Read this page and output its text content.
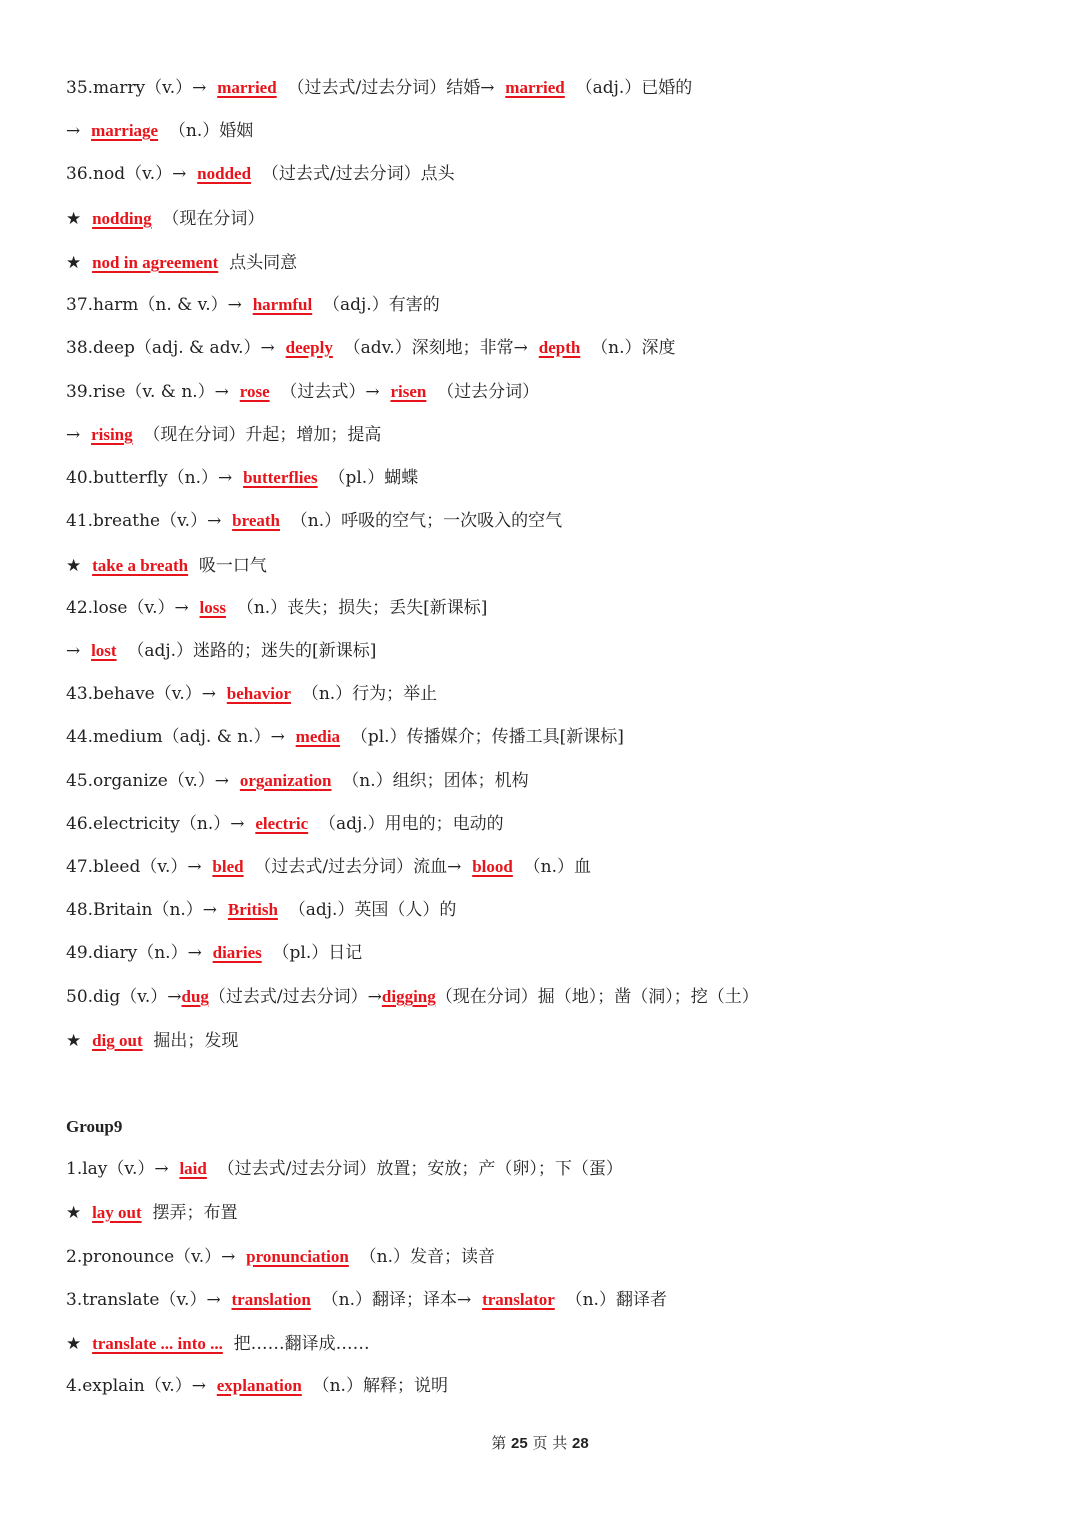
35.marry（v.）→  married  （过去式/过去分词）结婚→  married  （adj.）已婚的
→  marriage  （n.）婚姻
36.nod（v.）→  nodded  （过去式/过去分词）点头
★  nodding  （现在分词）
★  nod in agreement  点头同意
37.harm（n. & v.）→  harmful  （adj.）有害的
38.deep（adj. & adv.）→  deeply  （adv.）深刻地；非常→  depth  （n.）深度
39.rise（v. & n.）→  rose  （过去式）→  risen  （过去分词）
→  rising  （现在分词）升起；增加；提高
40.butterfly（n.）→  butterflies  （pl.）蝴蝶
41.breathe（v.）→  breath  （n.）呼吸的空气；一次吸入的空气
★  take a breath  吸一口气
42.lose（v.）→  loss  （n.）丧失；损失；丢失[新课标]
→  lost  （adj.）迷路的；迷失的[新课标]
43.behave（v.）→  behavior  （n.）行为；举止
44.medium（adj. & n.）→  media  （pl.）传播媒介；传播工具[新课标]
45.organize（v.）→  organization  （n.）组织；团体；机构
46.electricity（n.）→  electric  （adj.）用电的；电动的
47.bleed（v.）→  bled  （过去式/过去分词）流血→  blood  （n.）血
48.Britain（n.）→  British  （adj.）英国（人）的
49.diary（n.）→  diaries  （pl.）日记
50.dig（v.）→dug（过去式/过去分词）→digging（现在分词）掘（地）；凿（洞）；挖（土）
★  dig out  掘出；发现
Group9
1.lay（v.）→  laid  （过去式/过去分词）放置；安放；产（卵）；下（蛋）
★  lay out  摆弄；布置
2.pronounce（v.）→  pronunciation  （n.）发音；读音
3.translate（v.）→  translation  （n.）翻译；译本→  translator  （n.）翻译者
★  translate ... into ...  把……翻译成……
4.explain（v.）→  explanation  （n.）解释；说明
第 25 页 共 28
